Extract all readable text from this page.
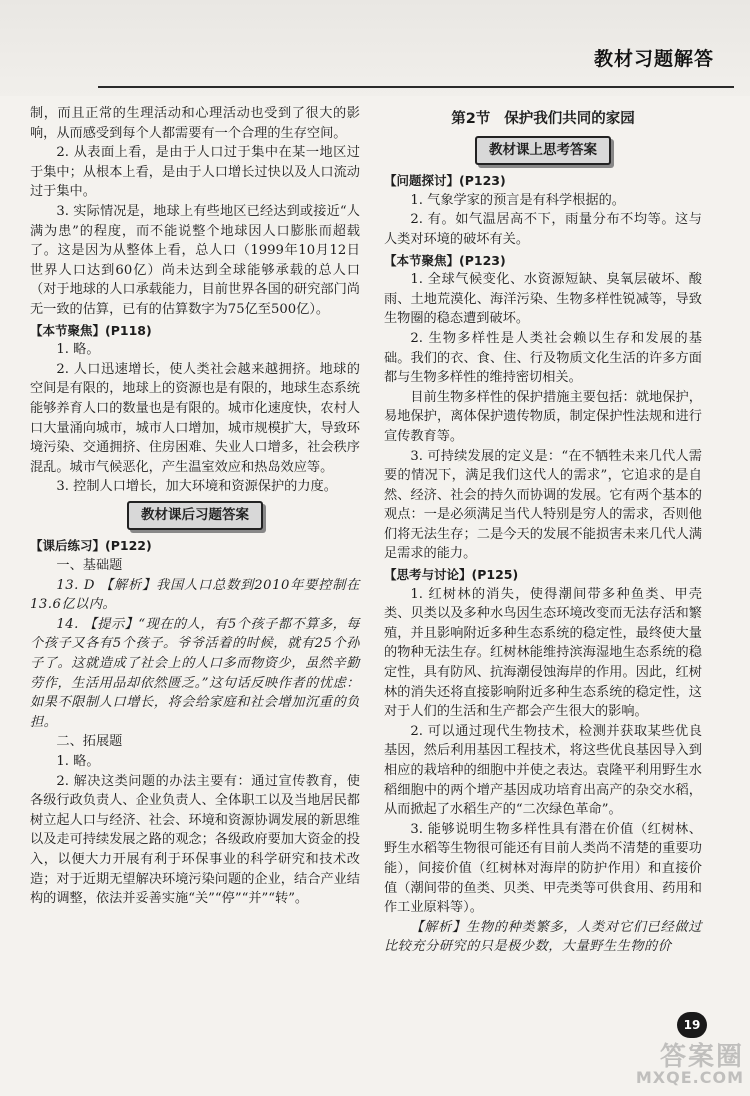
教材习题解答

制，而且正常的生理活动和心理活动也受到了很大的影响，从而感受到每个人都需要有一个合理的生存空间。

2. 从表面上看，是由于人口过于集中在某一地区过于集中；从根本上看，是由于人口增长过快以及人口流动过于集中。

3. 实际情况是，地球上有些地区已经达到或接近“人满为患”的程度，而不能说整个地球因人口膨胀而超载了。这是因为从整体上看，总人口（1999年10月12日世界人口达到60亿）尚未达到全球能够承载的总人口（对于地球的人口承载能力，目前世界各国的研究部门尚无一致的估算，已有的估算数字为75亿至500亿）。

【本节聚焦】(P118)

1. 略。

2. 人口迅速增长，使人类社会越来越拥挤。地球的空间是有限的，地球上的资源也是有限的，地球生态系统能够养育人口的数量也是有限的。城市化速度快，农村人口大量涌向城市，城市人口增加，城市规模扩大，导致环境污染、交通拥挤、住房困难、失业人口增多，社会秩序混乱。城市气候恶化，产生温室效应和热岛效应等。

3. 控制人口增长，加大环境和资源保护的力度。

教材课后习题答案

【课后练习】(P122)

一、基础题

13. D 【解析】我国人口总数到2010年要控制在13.6亿以内。

14. 【提示】“现在的人，有5个孩子都不算多，每个孩子又各有5个孩子。爷爷活着的时候，就有25个孙子了。这就造成了社会上的人口多而物资少，虽然辛勤劳作，生活用品却依然匮乏。”这句话反映作者的忧虑：如果不限制人口增长，将会给家庭和社会增加沉重的负担。

二、拓展题

1. 略。

2. 解决这类问题的办法主要有：通过宣传教育，使各级行政负责人、企业负责人、全体职工以及当地居民都树立起人口与经济、社会、环境和资源协调发展的新思维以及走可持续发展之路的观念；各级政府要加大资金的投入，以便大力开展有利于环保事业的科学研究和技术改造；对于近期无望解决环境污染问题的企业，结合产业结构的调整，依法并妥善实施“关”“停”“并”“转”。

第2节 保护我们共同的家园
教材课上思考答案

【问题探讨】(P123)

1. 气象学家的预言是有科学根据的。

2. 有。如气温居高不下，雨量分布不均等。这与人类对环境的破坏有关。

【本节聚焦】(P123)

1. 全球气候变化、水资源短缺、臭氧层破坏、酸雨、土地荒漠化、海洋污染、生物多样性锐减等，导致生物圈的稳态遭到破坏。

2. 生物多样性是人类社会赖以生存和发展的基础。我们的衣、食、住、行及物质文化生活的许多方面都与生物多样性的维持密切相关。

目前生物多样性的保护措施主要包括：就地保护，易地保护，离体保护遗传物质，制定保护性法规和进行宣传教育等。

3. 可持续发展的定义是：“在不牺牲未来几代人需要的情况下，满足我们这代人的需求”，它追求的是自然、经济、社会的持久而协调的发展。它有两个基本的观点：一是必须满足当代人特别是穷人的需求，否则他们将无法生存；二是今天的发展不能损害未来几代人满足需求的能力。

【思考与讨论】(P125)

1. 红树林的消失，使得潮间带多种鱼类、甲壳类、贝类以及多种水鸟因生态环境改变而无法存活和繁殖，并且影响附近多种生态系统的稳定性，最终使大量的物种无法生存。红树林能维持滨海湿地生态系统的稳定性，具有防风、抗海潮侵蚀海岸的作用。因此，红树林的消失还将直接影响附近多种生态系统的稳定性，这对于人们的生活和生产都会产生很大的影响。

2. 可以通过现代生物技术，检测并获取某些优良基因，然后利用基因工程技术，将这些优良基因导入到相应的栽培种的细胞中并使之表达。袁隆平利用野生水稻细胞中的两个增产基因成功培育出高产的杂交水稻，从而掀起了水稻生产的“二次绿色革命”。

3. 能够说明生物多样性具有潜在价值（红树林、野生水稻等生物很可能还有目前人类尚不清楚的重要功能），间接价值（红树林对海岸的防护作用）和直接价值（潮间带的鱼类、贝类、甲壳类等可供食用、药用和作工业原料等）。

【解析】生物的种类繁多，人类对它们已经做过比较充分研究的只是极少数，大量野生生物的价

19
答案圈
MXQE.COM
